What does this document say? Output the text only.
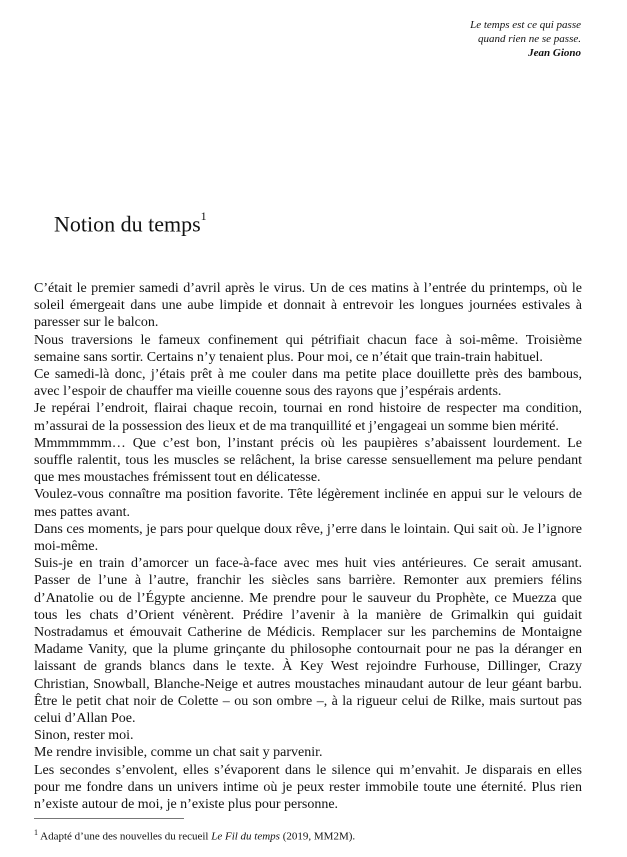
Le temps est ce qui passe
quand rien ne se passe.
Jean Giono
Notion du temps$^1$

C’était le premier samedi d’avril après le virus. Un de ces matins à l’entrée du printemps, où le soleil émergeait dans une aube limpide et donnait à entrevoir les longues journées estivales à paresser sur le balcon.

Nous traversions le fameux confinement qui pétrifiait chacun face à soi-même. Troisième semaine sans sortir. Certains n’y tenaient plus. Pour moi, ce n’était que train-train habituel.

Ce samedi-là donc, j’étais prêt à me couler dans ma petite place douillette près des bambous, avec l’espoir de chauffer ma vieille couenne sous des rayons que j’espérais ardents.

Je repérai l’endroit, flairai chaque recoin, tournai en rond histoire de respecter ma condition, m’assurai de la possession des lieux et de ma tranquillité et j’engageai un somme bien mérité.

Mmmmmmm… Que c’est bon, l’instant précis où les paupières s’abaissent lourdement. Le souffle ralentit, tous les muscles se relâchent, la brise caresse sensuellement ma pelure pendant que mes moustaches frémissent tout en délicatesse.

Voulez-vous connaître ma position favorite. Tête légèrement inclinée en appui sur le velours de mes pattes avant.

Dans ces moments, je pars pour quelque doux rêve, j’erre dans le lointain. Qui sait où. Je l’ignore moi-même.

Suis-je en train d’amorcer un face-à-face avec mes huit vies antérieures. Ce serait amusant. Passer de l’une à l’autre, franchir les siècles sans barrière. Remonter aux premiers félins d’Anatolie ou de l’Égypte ancienne. Me prendre pour le sauveur du Prophète, ce Muezza que tous les chats d’Orient vénèrent. Prédire l’avenir à la manière de Grimalkin qui guidait Nostradamus et émouvait Catherine de Médicis. Remplacer sur les parchemins de Montaigne Madame Vanity, que la plume grinçante du philosophe contournait pour ne pas la déranger en laissant de grands blancs dans le texte. À Key West rejoindre Furhouse, Dillinger, Crazy Christian, Snowball, Blanche-Neige et autres moustaches minaudant autour de leur géant barbu. Être le petit chat noir de Colette – ou son ombre –, à la rigueur celui de Rilke, mais surtout pas celui d’Allan Poe.

Sinon, rester moi.

Me rendre invisible, comme un chat sait y parvenir.

Les secondes s’envolent, elles s’évaporent dans le silence qui m’envahit. Je disparais en elles pour me fondre dans un univers intime où je peux rester immobile toute une éternité. Plus rien n’existe autour de moi, je n’existe plus pour personne.

$^1$ Adapté d’une des nouvelles du recueil Le Fil du temps (2019, MM2M).
